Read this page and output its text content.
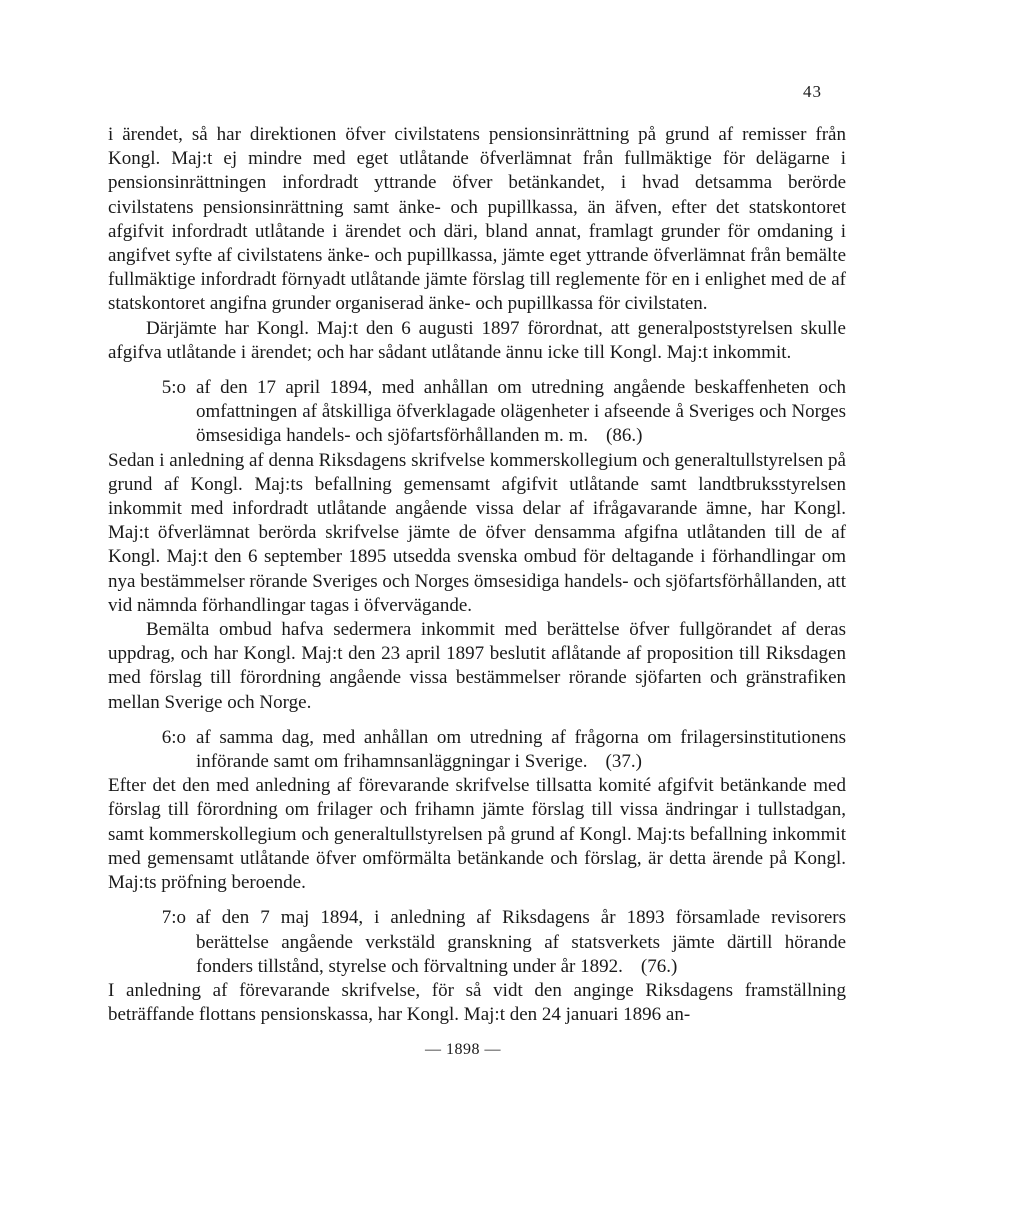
43

i ärendet, så har direktionen öfver civilstatens pensionsinrättning på grund af remisser från Kongl. Maj:t ej mindre med eget utlåtande öfverlämnat från fullmäktige för delägarne i pensionsinrättningen infordradt yttrande öfver betänkandet, i hvad detsamma berörde civilstatens pensionsinrättning samt änke- och pupillkassa, än äfven, efter det statskontoret afgifvit infordradt utlåtande i ärendet och däri, bland annat, framlagt grunder för omdaning i angifvet syfte af civilstatens änke- och pupillkassa, jämte eget yttrande öfverlämnat från bemälte fullmäktige infordradt förnyadt utlåtande jämte förslag till reglemente för en i enlighet med de af statskontoret angifna grunder organiserad änke- och pupillkassa för civilstaten.

Därjämte har Kongl. Maj:t den 6 augusti 1897 förordnat, att generalpoststyrelsen skulle afgifva utlåtande i ärendet; och har sådant utlåtande ännu icke till Kongl. Maj:t inkommit.

5:o af den 17 april 1894, med anhållan om utredning angående beskaffenheten och omfattningen af åtskilliga öfverklagade olägenheter i afseende å Sveriges och Norges ömsesidiga handels- och sjöfartsförhållanden m. m. (86.)

Sedan i anledning af denna Riksdagens skrifvelse kommerskollegium och generaltullstyrelsen på grund af Kongl. Maj:ts befallning gemensamt afgifvit utlåtande samt landtbruksstyrelsen inkommit med infordradt utlåtande angående vissa delar af ifrågavarande ämne, har Kongl. Maj:t öfverlämnat berörda skrifvelse jämte de öfver densamma afgifna utlåtanden till de af Kongl. Maj:t den 6 september 1895 utsedda svenska ombud för deltagande i förhandlingar om nya bestämmelser rörande Sveriges och Norges ömsesidiga handels- och sjöfartsförhållanden, att vid nämnda förhandlingar tagas i öfvervägande.

Bemälta ombud hafva sedermera inkommit med berättelse öfver fullgörandet af deras uppdrag, och har Kongl. Maj:t den 23 april 1897 beslutit aflåtande af proposition till Riksdagen med förslag till förordning angående vissa bestämmelser rörande sjöfarten och gränstrafiken mellan Sverige och Norge.

6:o af samma dag, med anhållan om utredning af frågorna om frilagersinstitutionens införande samt om frihamnsanläggningar i Sverige. (37.)

Efter det den med anledning af förevarande skrifvelse tillsatta komité afgifvit betänkande med förslag till förordning om frilager och frihamn jämte förslag till vissa ändringar i tullstadgan, samt kommerskollegium och generaltullstyrelsen på grund af Kongl. Maj:ts befallning inkommit med gemensamt utlåtande öfver omförmälta betänkande och förslag, är detta ärende på Kongl. Maj:ts pröfning beroende.

7:o af den 7 maj 1894, i anledning af Riksdagens år 1893 församlade revisorers berättelse angående verkstäld granskning af statsverkets jämte därtill hörande fonders tillstånd, styrelse och förvaltning under år 1892. (76.)

I anledning af förevarande skrifvelse, för så vidt den anginge Riksdagens framställning beträffande flottans pensionskassa, har Kongl. Maj:t den 24 januari 1896 an-

— 1898 —
